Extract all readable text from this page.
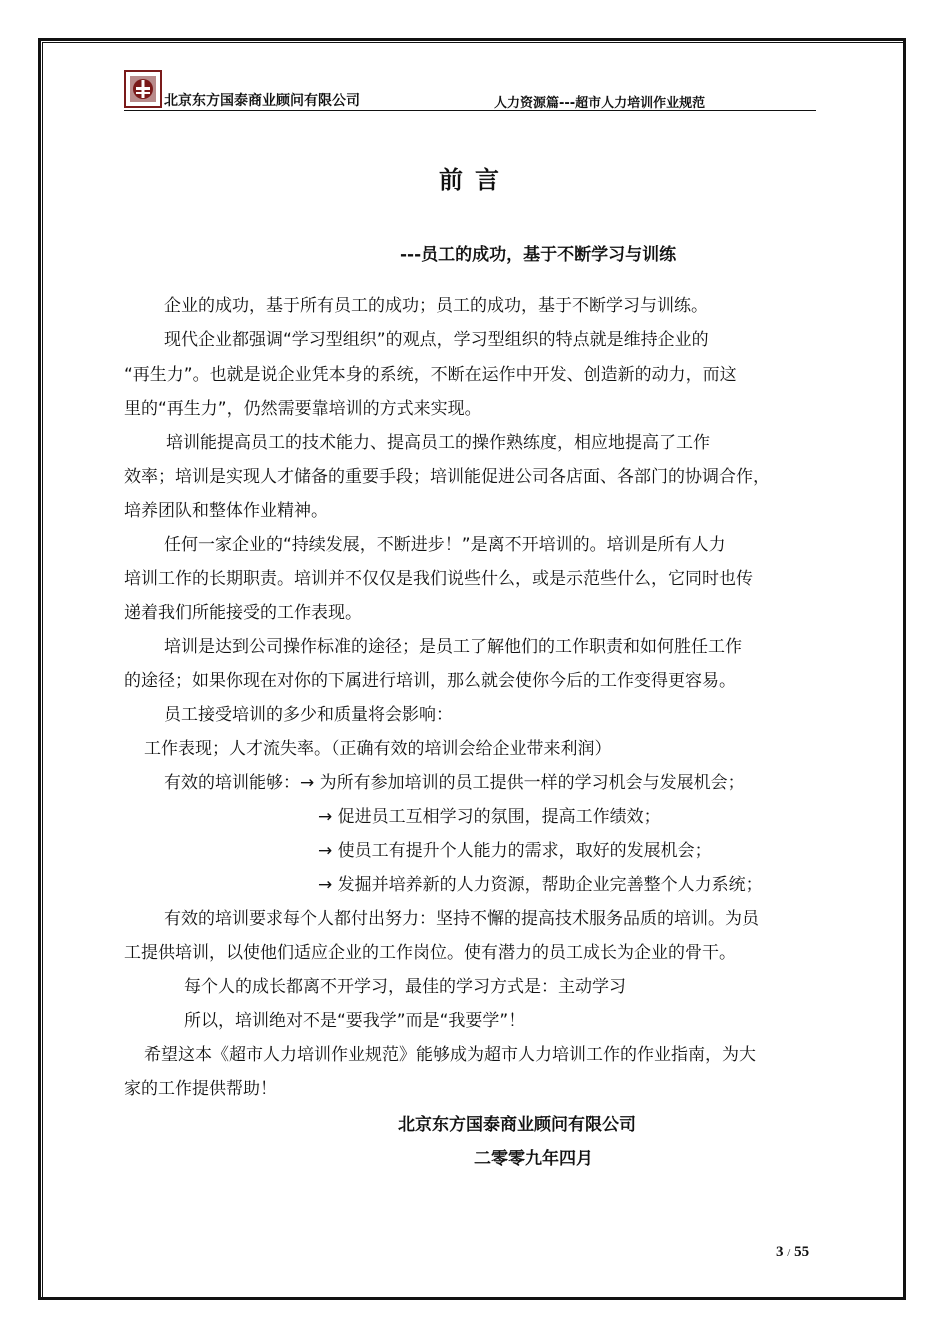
北京东方国泰商业顾问有限公司	人力资源篇---超市人力培训作业规范
前言
---员工的成功，基于不断学习与训练
企业的成功，基于所有员工的成功；员工的成功，基于不断学习与训练。
现代企业都强调“学习型组织”的观点，学习型组织的特点就是维持企业的
“再生力”。也就是说企业凭本身的系统，不断在运作中开发、创造新的动力，而这
里的“再生力”，仍然需要靠培训的方式来实现。
培训能提高员工的技术能力、提高员工的操作熟练度，相应地提高了工作
效率；培训是实现人才储备的重要手段；培训能促进公司各店面、各部门的协调合作，
培养团队和整体作业精神。
任何一家企业的“持续发展，不断进步！”是离不开培训的。培训是所有人力
培训工作的长期职责。培训并不仅仅是我们说些什么，或是示范些什么，它同时也传
递着我们所能接受的工作表现。
培训是达到公司操作标准的途径；是员工了解他们的工作职责和如何胜任工作
的途径；如果你现在对你的下属进行培训，那么就会使你今后的工作变得更容易。
员工接受培训的多少和质量将会影响：
工作表现；人才流失率。（正确有效的培训会给企业带来利润）
有效的培训能够：→ 为所有参加培训的员工提供一样的学习机会与发展机会；
→ 促进员工互相学习的氛围，提高工作绩效；
→ 使员工有提升个人能力的需求，取好的发展机会；
→ 发掘并培养新的人力资源，帮助企业完善整个人力系统；
有效的培训要求每个人都付出努力：坚持不懈的提高技术服务品质的培训。为员
工提供培训，以使他们适应企业的工作岗位。使有潜力的员工成长为企业的骨干。
每个人的成长都离不开学习，最佳的学习方式是：主动学习
所以，培训绝对不是“要我学”而是“我要学”！
希望这本《超市人力培训作业规范》能够成为超市人力培训工作的作业指南，为大
家的工作提供帮助！
北京东方国泰商业顾问有限公司
二零零九年四月
3 / 55
